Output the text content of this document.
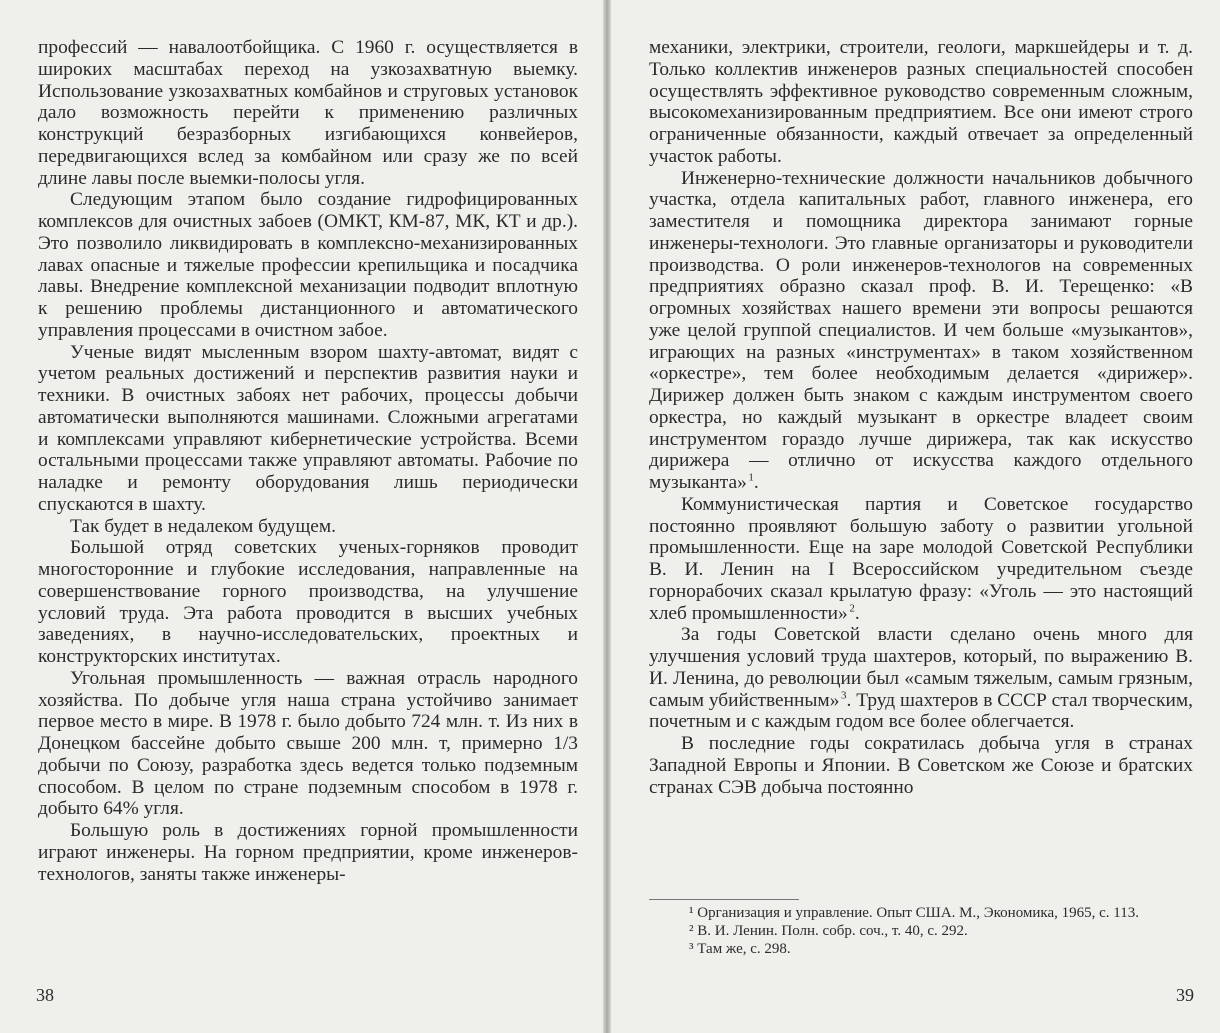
профессий — навалоотбойщика. С 1960 г. осуществляется в широких масштабах переход на узкозахватную выемку. Использование узкозахватных комбайнов и струговых установок дало возможность перейти к применению различных конструкций безразборных изгибающихся конвейеров, передвигающихся вслед за комбайном или сразу же по всей длине лавы после выемки-полосы угля.

Следующим этапом было создание гидрофицированных комплексов для очистных забоев (ОМКТ, КМ-87, МК, КТ и др.). Это позволило ликвидировать в комплексно-механизированных лавах опасные и тяжелые профессии крепильщика и посадчика лавы. Внедрение комплексной механизации подводит вплотную к решению проблемы дистанционного и автоматического управления процессами в очистном забое.

Ученые видят мысленным взором шахту-автомат, видят с учетом реальных достижений и перспектив развития науки и техники. В очистных забоях нет рабочих, процессы добычи автоматически выполняются машинами. Сложными агрегатами и комплексами управляют кибернетические устройства. Всеми остальными процессами также управляют автоматы. Рабочие по наладке и ремонту оборудования лишь периодически спускаются в шахту.

Так будет в недалеком будущем.

Большой отряд советских ученых-горняков проводит многосторонние и глубокие исследования, направленные на совершенствование горного производства, на улучшение условий труда. Эта работа проводится в высших учебных заведениях, в научно-исследовательских, проектных и конструкторских институтах.

Угольная промышленность — важная отрасль народного хозяйства. По добыче угля наша страна устойчиво занимает первое место в мире. В 1978 г. было добыто 724 млн. т. Из них в Донецком бассейне добыто свыше 200 млн. т, примерно 1/3 добычи по Союзу, разработка здесь ведется только подземным способом. В целом по стране подземным способом в 1978 г. добыто 64% угля.

Большую роль в достижениях горной промышленности играют инженеры. На горном предприятии, кроме инженеров-технологов, заняты также инженеры-

38

механики, электрики, строители, геологи, маркшейдеры и т. д. Только коллектив инженеров разных специальностей способен осуществлять эффективное руководство современным сложным, высокомеханизированным предприятием. Все они имеют строго ограниченные обязанности, каждый отвечает за определенный участок работы.

Инженерно-технические должности начальников добычного участка, отдела капитальных работ, главного инженера, его заместителя и помощника директора занимают горные инженеры-технологи. Это главные организаторы и руководители производства. О роли инженеров-технологов на современных предприятиях образно сказал проф. В. И. Терещенко: «В огромных хозяйствах нашего времени эти вопросы решаются уже целой группой специалистов. И чем больше «музыкантов», играющих на разных «инструментах» в таком хозяйственном «оркестре», тем более необходимым делается «дирижер». Дирижер должен быть знаком с каждым инструментом своего оркестра, но каждый музыкант в оркестре владеет своим инструментом гораздо лучше дирижера, так как искусство дирижера — отлично от искусства каждого отдельного музыканта»  $^1$.

Коммунистическая партия и Советское государство постоянно проявляют большую заботу о развитии угольной промышленности. Еще на заре молодой Советской Республики В. И. Ленин на I Всероссийском учредительном съезде горнорабочих сказал крылатую фразу: «Уголь — это настоящий хлеб промышленности»  $^2$.

За годы Советской власти сделано очень много для улучшения условий труда шахтеров, который, по выражению В. И. Ленина, до революции был «самым тяжелым, самым грязным, самым убийственным»  $^3$. Труд шахтеров в СССР стал творческим, почетным и с каждым годом все более облегчается.

В последние годы сократилась добыча угля в странах Западной Европы и Японии. В Советском же Союзе и братских странах СЭВ добыча постоянно

¹ Организация и управление. Опыт США. М., Экономика, 1965, с. 113.

² В. И. Ленин. Полн. собр. соч., т. 40, с. 292.

³ Там же, с. 298.

39
